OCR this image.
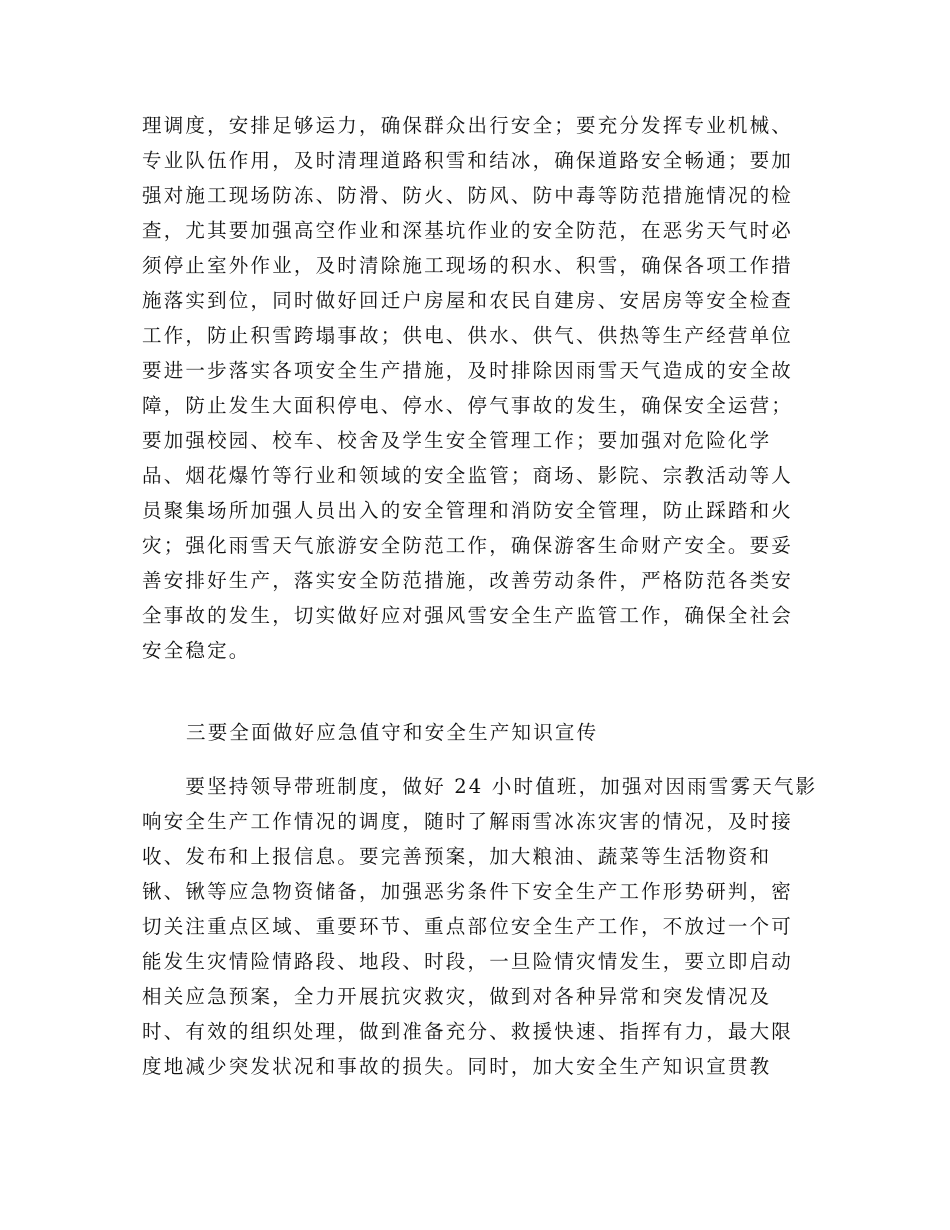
理调度，安排足够运力，确保群众出行安全；要充分发挥专业机械、
专业队伍作用，及时清理道路积雪和结冰，确保道路安全畅通；要加
强对施工现场防冻、防滑、防火、防风、防中毒等防范措施情况的检
查，尤其要加强高空作业和深基坑作业的安全防范，在恶劣天气时必
须停止室外作业，及时清除施工现场的积水、积雪，确保各项工作措
施落实到位，同时做好回迁户房屋和农民自建房、安居房等安全检查
工作，防止积雪跨塌事故；供电、供水、供气、供热等生产经营单位
要进一步落实各项安全生产措施，及时排除因雨雪天气造成的安全故
障，防止发生大面积停电、停水、停气事故的发生，确保安全运营；
要加强校园、校车、校舍及学生安全管理工作；要加强对危险化学
品、烟花爆竹等行业和领域的安全监管；商场、影院、宗教活动等人
员聚集场所加强人员出入的安全管理和消防安全管理，防止踩踏和火
灾；强化雨雪天气旅游安全防范工作，确保游客生命财产安全。要妥
善安排好生产，落实安全防范措施，改善劳动条件，严格防范各类安
全事故的发生，切实做好应对强风雪安全生产监管工作，确保全社会
安全稳定。
三要全面做好应急值守和安全生产知识宣传
　　要坚持领导带班制度，做好 24 小时值班，加强对因雨雪雾天气影
响安全生产工作情况的调度，随时了解雨雪冰冻灾害的情况，及时接
收、发布和上报信息。要完善预案，加大粮油、蔬菜等生活物资和
锹、锹等应急物资储备，加强恶劣条件下安全生产工作形势研判，密
切关注重点区域、重要环节、重点部位安全生产工作，不放过一个可
能发生灾情险情路段、地段、时段，一旦险情灾情发生，要立即启动
相关应急预案，全力开展抗灾救灾，做到对各种异常和突发情况及
时、有效的组织处理，做到准备充分、救援快速、指挥有力，最大限
度地减少突发状况和事故的损失。同时，加大安全生产知识宣贯教
